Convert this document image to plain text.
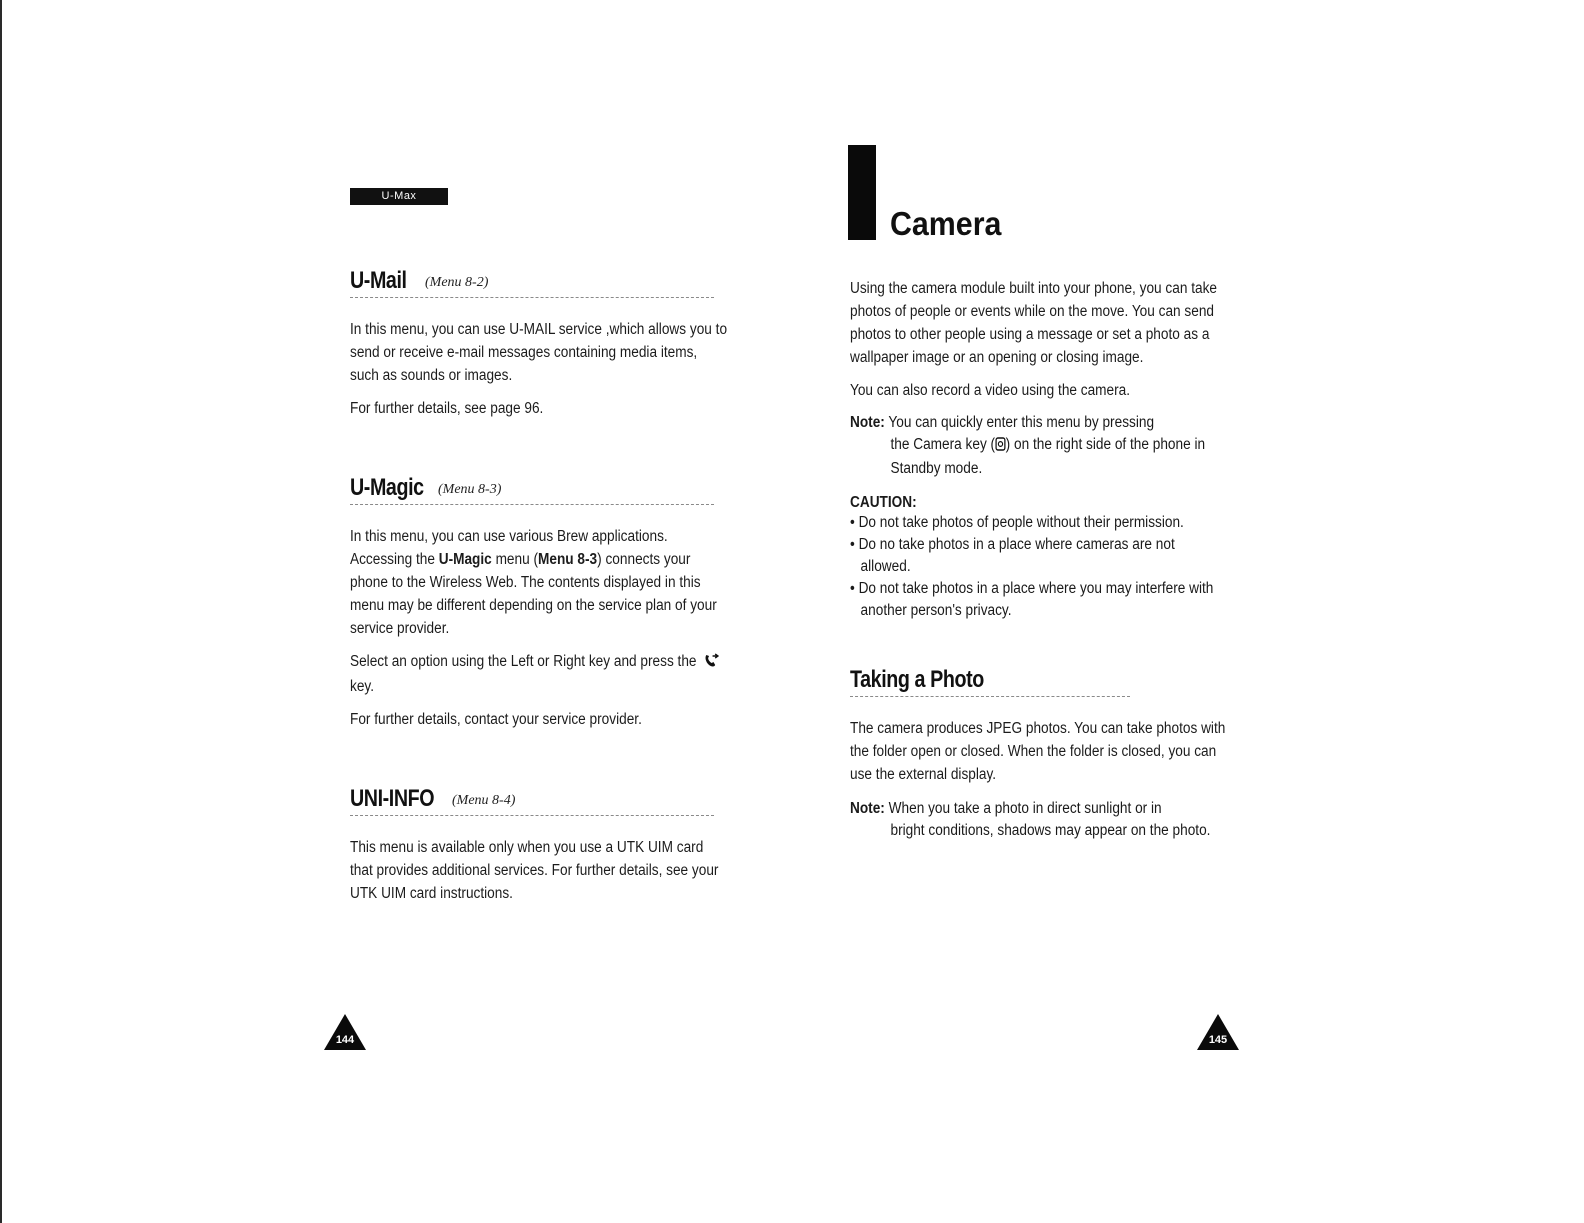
U-Max
U-Mail (Menu 8-2)

In this menu, you can use U-MAIL service ,which allows you to send or receive e-mail messages containing media items, such as sounds or images.

For further details, see page 96.

U-Magic (Menu 8-3)

In this menu, you can use various Brew applications. Accessing the U-Magic menu (Menu 8-3) connects your phone to the Wireless Web. The contents displayed in this menu may be different depending on the service plan of your service provider.

Select an option using the Left or Right key and press the  key.

For further details, contact your service provider.

UNI-INFO (Menu 8-4)

This menu is available only when you use a UTK UIM card that provides additional services. For further details, see your UTK UIM card instructions.

144
Camera

Using the camera module built into your phone, you can take photos of people or events while on the move. You can send photos to other people using a message or set a photo as a wallpaper image or an opening or closing image.

You can also record a video using the camera.

Note: You can quickly enter this menu by pressing
the Camera key ( ) on the right side of the phone in Standby mode.
CAUTION:
• Do not take photos of people without their permission.
• Do no take photos in a place where cameras are not allowed.
• Do not take photos in a place where you may interfere with another person's privacy.
Taking a Photo

The camera produces JPEG photos. You can take photos with the folder open or closed. When the folder is closed, you can use the external display.

Note: When you take a photo in direct sunlight or in
bright conditions, shadows may appear on the photo.
145
